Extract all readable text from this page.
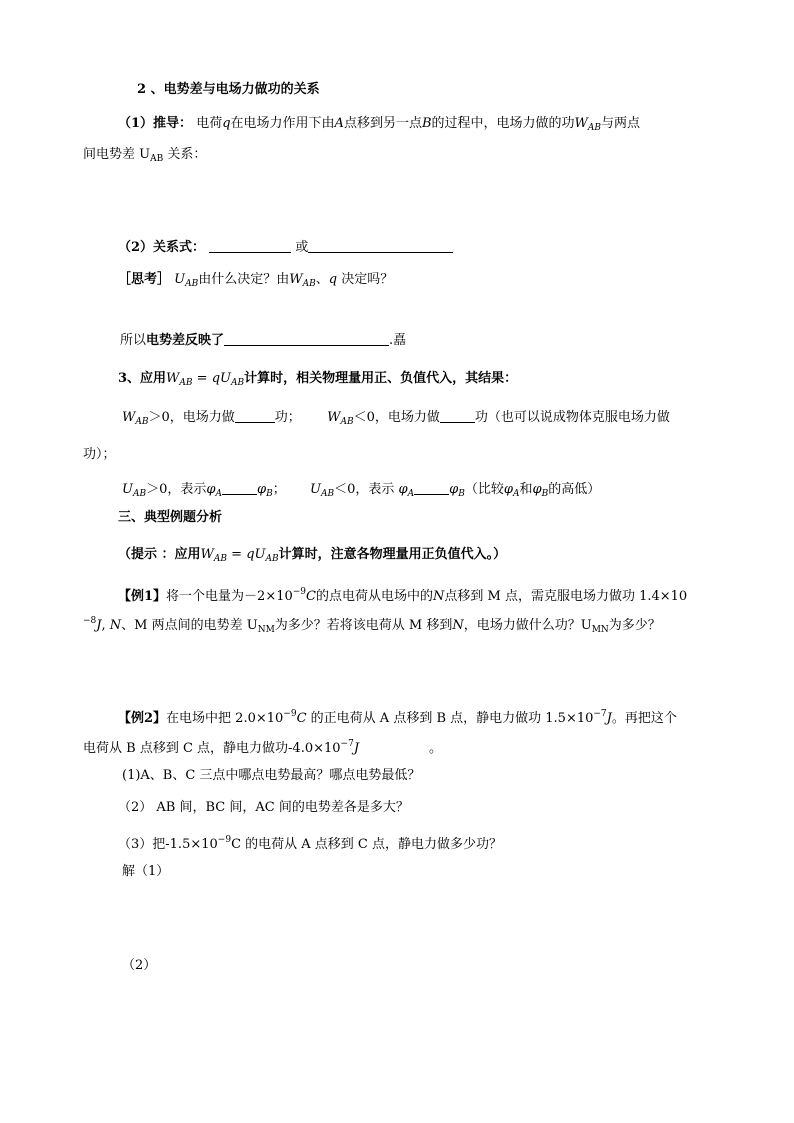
2 、电势差与电场力做功的关系
（1）推导： 电荷q在电场力作用下由A点移到另一点B的过程中，电场力做的功$W_{AB}$与两点
间电势差 $U_{AB}$ 关系：
（2）关系式：	或
［思考］ $U_{AB}$由什么决定？由$W_{AB}$、q 决定吗？
所以电势差反映了	.嚞
3、应用$W_{AB} = qU_{AB}$计算时，相关物理量用正、负值代入，其结果：
$W_{AB}>0$，电场力做	功； $W_{AB}<0$，电场力做	功（也可以说成物体克服电场力做
功）；
$U_{AB}>0$，表示$\varphi_A$	$\varphi_B$； $U_{AB}<0$，表示 $\varphi_A$	$\varphi_B$（比较$\varphi_A$和$\varphi_B$的高低）
三、典型例题分析
（提示 ：应用$W_{AB} = qU_{AB}$计算时，注意各物理量用正负值代入。）
【例1】将一个电量为$-2\times 10^{-9}C$的点电荷从电场中的N点移到 M 点，需克服电场力做功 1.4×10
$^{-8}$J, N、M 两点间的电势差 $U_{NM}$为多少？若将该电荷从 M 移到N，电场力做什么功？$U_{MN}$为多少？
【例2】在电场中把 $2.0\times 10^{-9}C$ 的正电荷从 A 点移到 B 点，静电力做功 $1.5\times 10^{-7}J$。再把这个
电荷从 B 点移到 C 点，静电力做功$-4.0\times 10^{-7}J$	。
(1)A、B、C 三点中哪点电势最高？哪点电势最低？
（2） AB 间，BC 间，AC 间的电势差各是多大？
（3）把$-1.5\times 10^{-9}C$ 的电荷从 A 点移到 C 点，静电力做多少功？
解（1）
（2）
